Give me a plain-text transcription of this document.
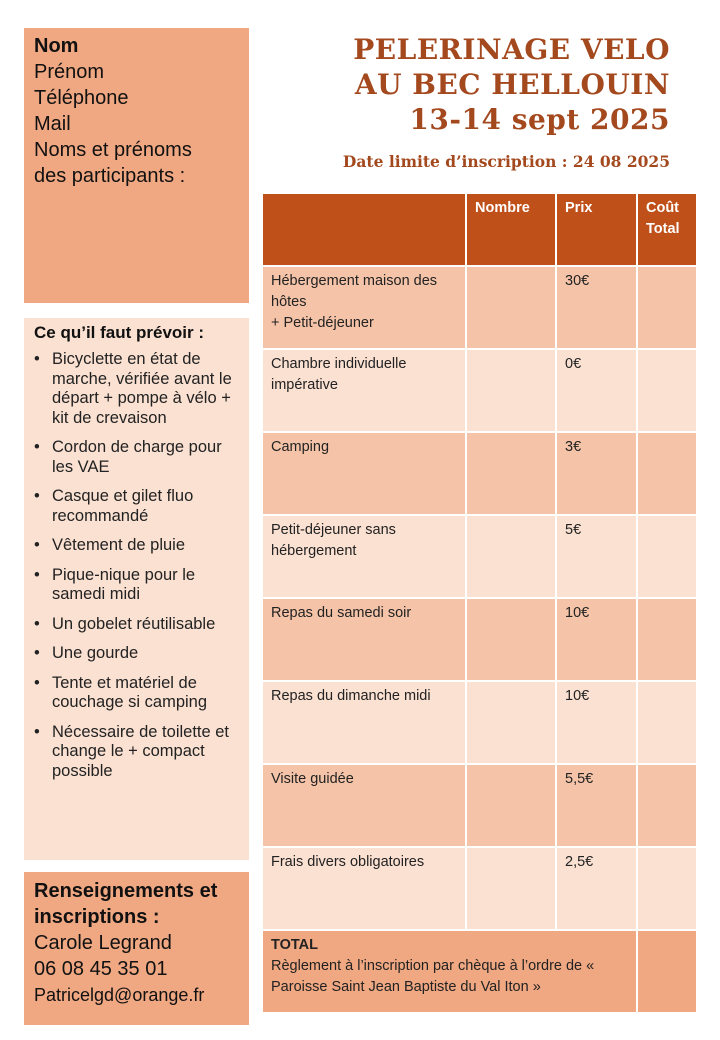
Nom
Prénom
Téléphone
Mail
Noms et prénoms
des participants :
PELERINAGE VELO
AU BEC HELLOUIN
13-14 sept 2025
Date limite d’inscription : 24 08 2025
Ce qu’il faut prévoir :
• Bicyclette en état de marche, vérifiée avant le départ + pompe à vélo + kit de crevaison
• Cordon de charge pour les VAE
• Casque et gilet fluo recommandé
• Vêtement de pluie
• Pique-nique pour le samedi midi
• Un gobelet réutilisable
• Une gourde
• Tente et matériel de couchage si camping
• Nécessaire de toilette et change le + compact possible
Renseignements et inscriptions :
Carole Legrand
06 08 45 35 01
Patricelgd@orange.fr
	Nombre	Prix	Coût Total
Hébergement maison des hôtes
+ Petit-déjeuner		30€	
Chambre individuelle impérative		0€	
Camping		3€	
Petit-déjeuner sans hébergement		5€	
Repas du samedi soir		10€	
Repas du dimanche midi		10€	
Visite guidée		5,5€	
Frais divers obligatoires		2,5€	

TOTAL
Règlement à l’inscription par chèque à l’ordre de « Paroisse Saint Jean Baptiste du Val Iton »			
